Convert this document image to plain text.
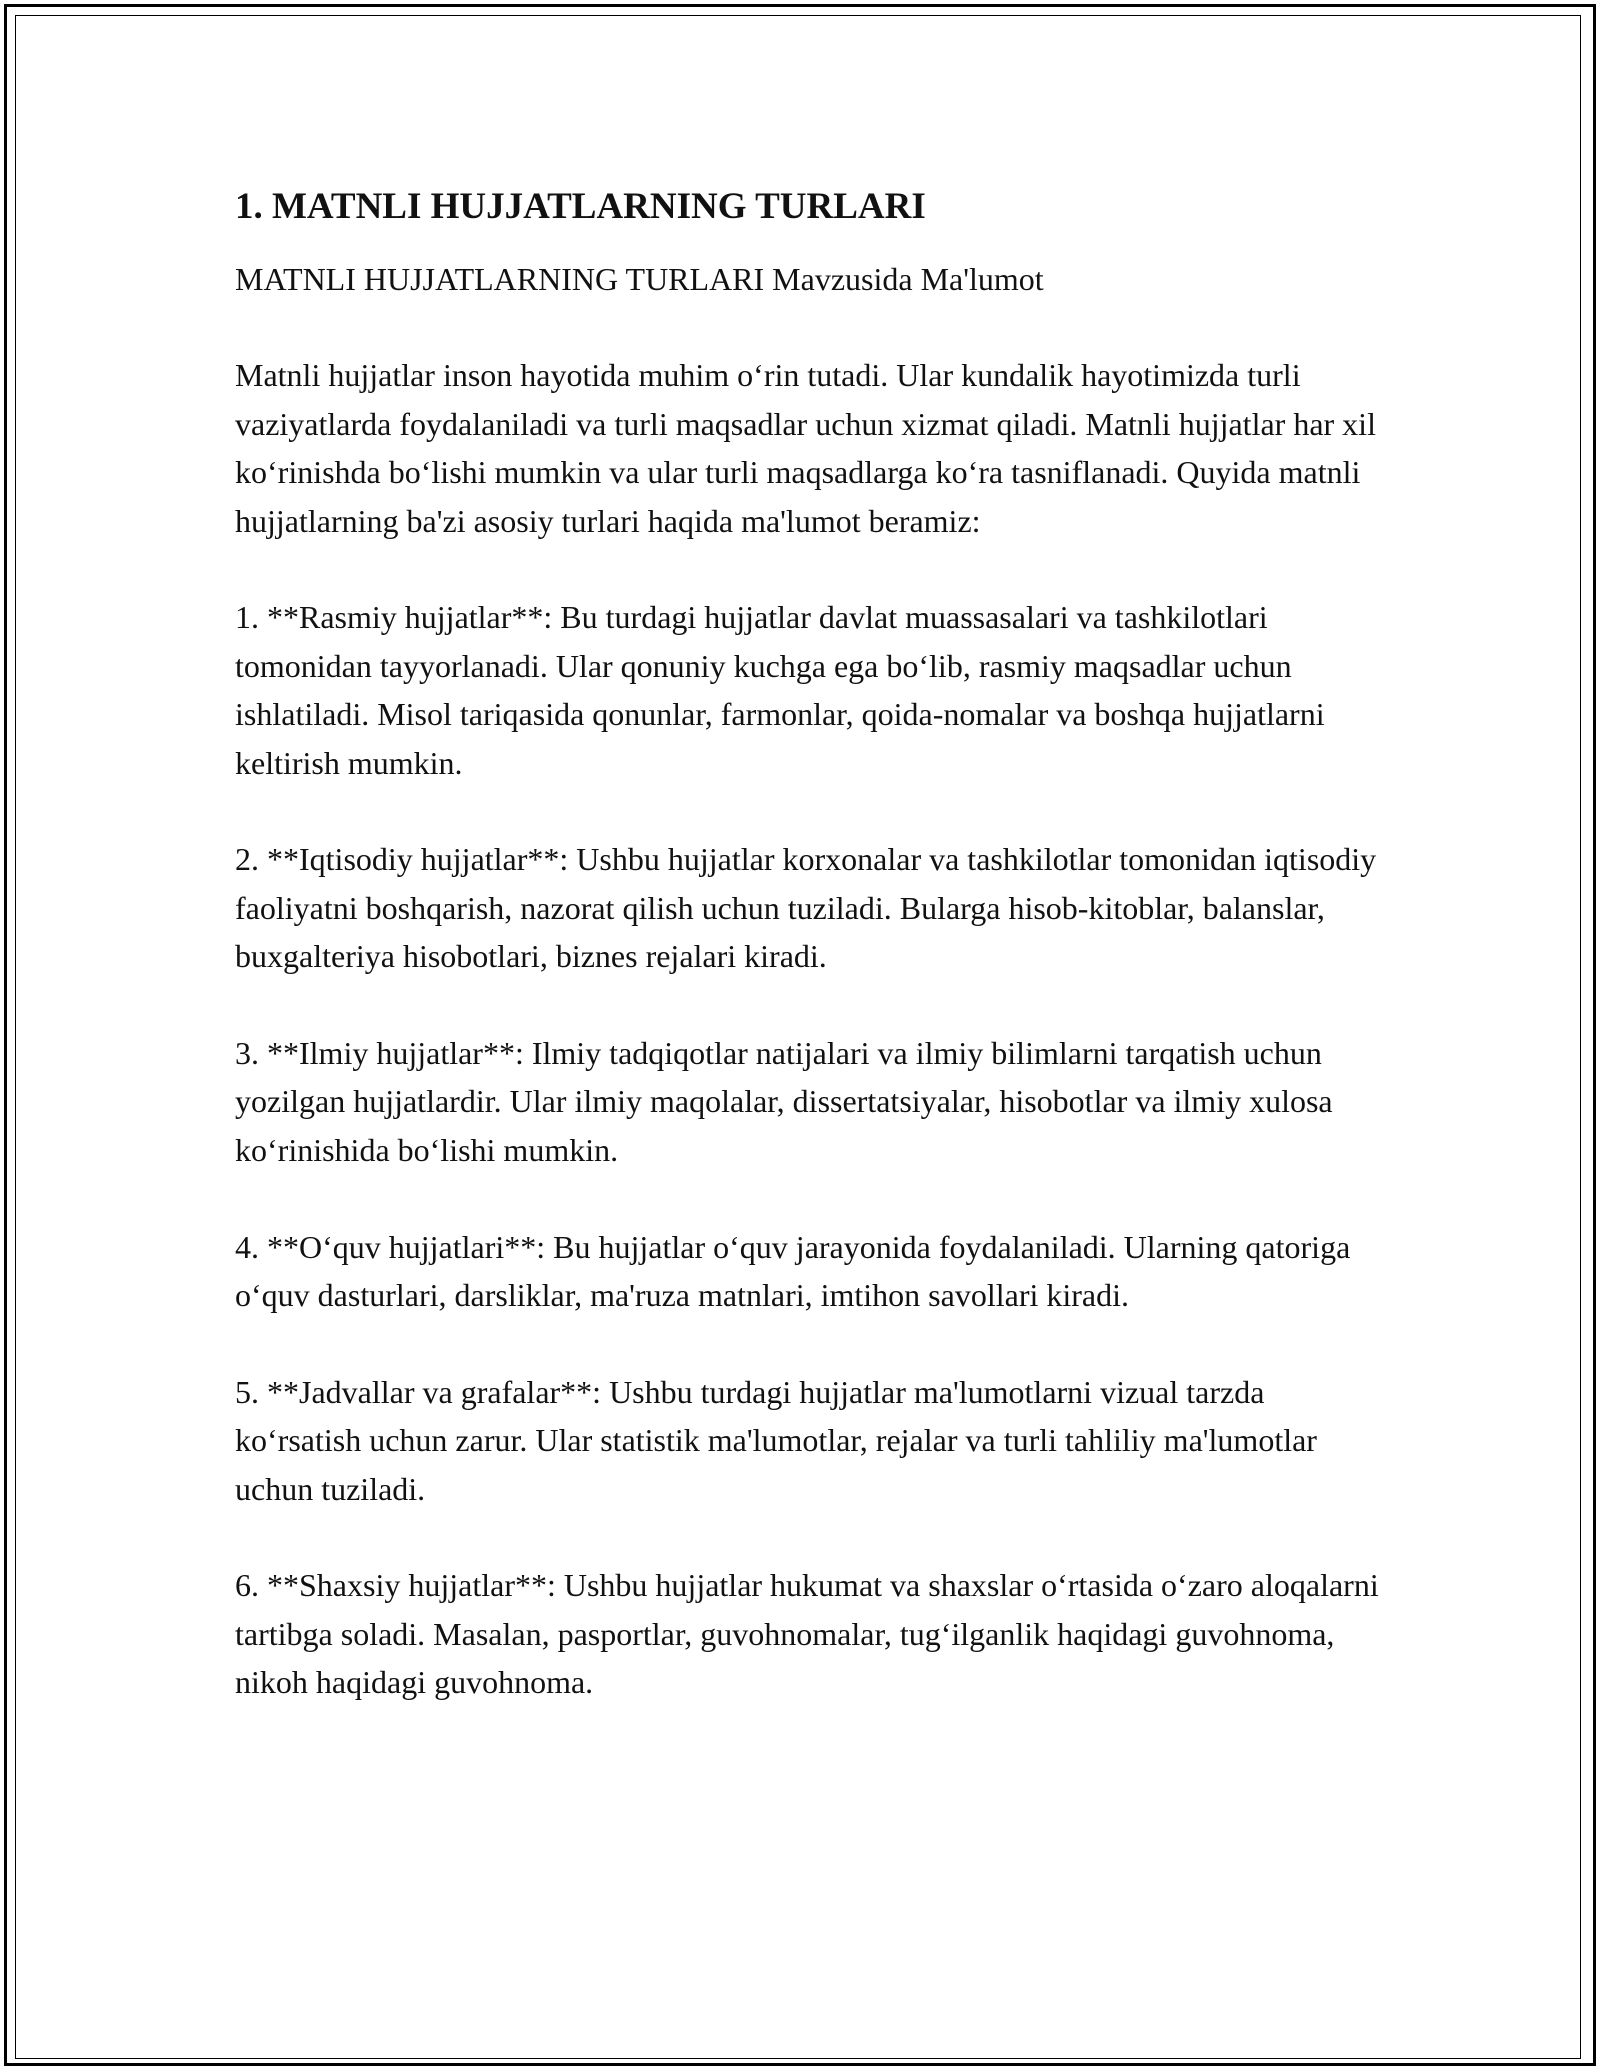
1. MATNLI HUJJATLARNING TURLARI

MATNLI HUJJATLARNING TURLARI Mavzusida Ma'lumot

Matnli hujjatlar inson hayotida muhim o‘rin tutadi. Ular kundalik hayotimizda turli vaziyatlarda foydalaniladi va turli maqsadlar uchun xizmat qiladi. Matnli hujjatlar har xil ko‘rinishda bo‘lishi mumkin va ular turli maqsadlarga ko‘ra tasniflanadi. Quyida matnli hujjatlarning ba'zi asosiy turlari haqida ma'lumot beramiz:

1. **Rasmiy hujjatlar**: Bu turdagi hujjatlar davlat muassasalari va tashkilotlari tomonidan tayyorlanadi. Ular qonuniy kuchga ega bo‘lib, rasmiy maqsadlar uchun ishlatiladi. Misol tariqasida qonunlar, farmonlar, qoida-nomalar va boshqa hujjatlarni keltirish mumkin.

2. **Iqtisodiy hujjatlar**: Ushbu hujjatlar korxonalar va tashkilotlar tomonidan iqtisodiy faoliyatni boshqarish, nazorat qilish uchun tuziladi. Bularga hisob-kitoblar, balanslar, buxgalteriya hisobotlari, biznes rejalari kiradi.

3. **Ilmiy hujjatlar**: Ilmiy tadqiqotlar natijalari va ilmiy bilimlarni tarqatish uchun yozilgan hujjatlardir. Ular ilmiy maqolalar, dissertatsiyalar, hisobotlar va ilmiy xulosa ko‘rinishida bo‘lishi mumkin.

4. **O‘quv hujjatlari**: Bu hujjatlar o‘quv jarayonida foydalaniladi. Ularning qatoriga o‘quv dasturlari, darsliklar, ma'ruza matnlari, imtihon savollari kiradi.

5. **Jadvallar va grafalar**: Ushbu turdagi hujjatlar ma'lumotlarni vizual tarzda ko‘rsatish uchun zarur. Ular statistik ma'lumotlar, rejalar va turli tahliliy ma'lumotlar uchun tuziladi.

6. **Shaxsiy hujjatlar**: Ushbu hujjatlar hukumat va shaxslar o‘rtasida o‘zaro aloqalarni tartibga soladi. Masalan, pasportlar, guvohnomalar, tug‘ilganlik haqidagi guvohnoma, nikoh haqidagi guvohnoma.
